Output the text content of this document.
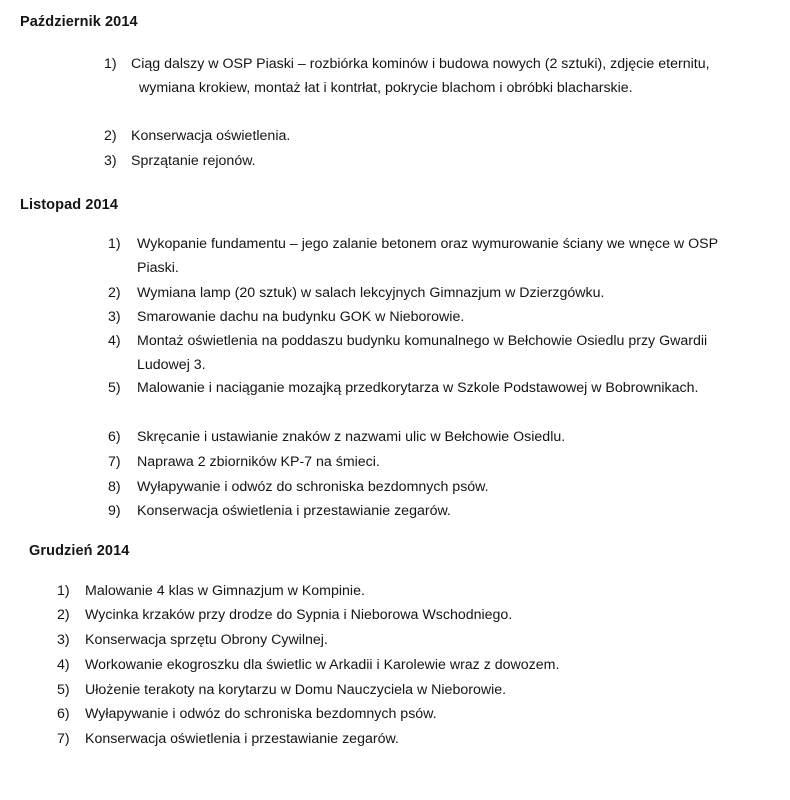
Październik 2014
1)	Ciąg dalszy w OSP Piaski – rozbiórka kominów i budowa nowych (2 sztuki), zdjęcie eternitu, wymiana krokiew, montaż łat i kontrłat, pokrycie blachom i obróbki blacharskie.
2)	Konserwacja oświetlenia.
3)	Sprzątanie rejonów.
Listopad 2014
1)	Wykopanie fundamentu – jego zalanie betonem oraz wymurowanie ściany we wnęce w OSP Piaski.
2)	Wymiana lamp (20 sztuk) w salach lekcyjnych Gimnazjum w Dzierzgówku.
3)	Smarowanie dachu na budynku GOK w Nieborowie.
4)	Montaż oświetlenia na poddaszu budynku komunalnego w Bełchowie Osiedlu przy Gwardii Ludowej 3.
5)	Malowanie i naciąganie mozajką przedkorytarza w Szkole Podstawowej w Bobrownikach.
6)	Skręcanie i ustawianie znaków z nazwami ulic w Bełchowie Osiedlu.
7)	Naprawa 2 zbiorników KP-7 na śmieci.
8)	Wyłapywanie i odwóz do schroniska bezdomnych psów.
9)	Konserwacja oświetlenia i przestawianie zegarów.
Grudzień 2014
1)	Malowanie 4 klas w Gimnazjum w Kompinie.
2)	Wycinka krzaków przy drodze do Sypnia i Nieborowa Wschodniego.
3)	Konserwacja sprzętu Obrony Cywilnej.
4)	Workowanie ekogroszku dla świetlic w Arkadii i Karolewie wraz z dowozem.
5)	Ułożenie terakoty na korytarzu w Domu Nauczyciela w Nieborowie.
6)	Wyłapywanie i odwóz do schroniska bezdomnych psów.
7)	Konserwacja oświetlenia i przestawianie zegarów.
